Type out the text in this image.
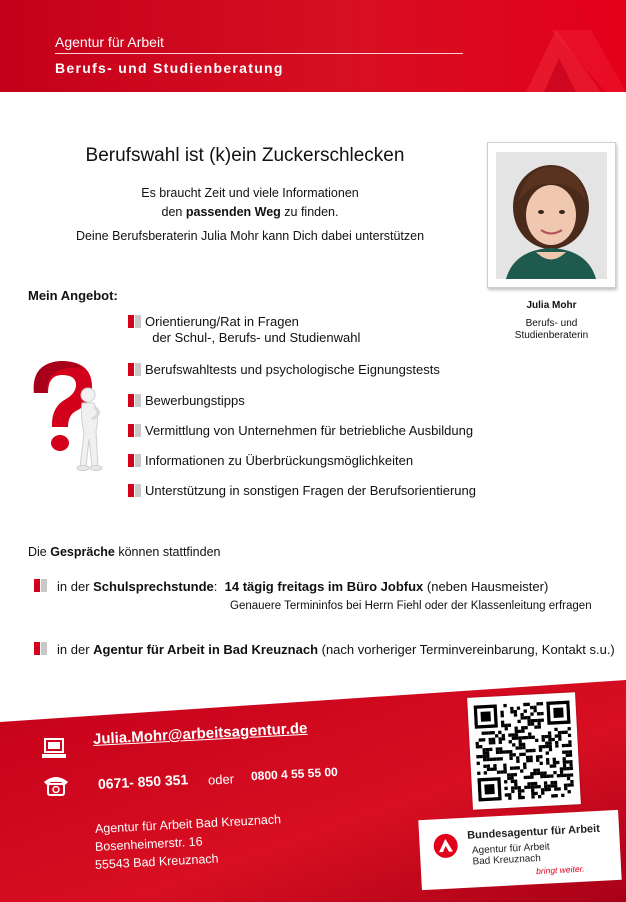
Agentur für Arbeit
Berufs- und Studienberatung
Berufswahl ist (k)ein Zuckerschlecken
Es braucht Zeit und viele Informationen
den passenden Weg zu finden.
Deine Berufsberaterin Julia Mohr kann Dich dabei unterstützen
Julia Mohr
Berufs- und
Studienberaterin
Mein Angebot:
Orientierung/Rat in Fragen
der Schul-, Berufs- und Studienwahl
Berufswahltests und psychologische Eignungstests
Bewerbungstipps
Vermittlung von Unternehmen für betriebliche Ausbildung
Informationen zu Überbrückungsmöglichkeiten
Unterstützung in sonstigen Fragen der Berufsorientierung
Die Gespräche können stattfinden
in der Schulsprechstunde:  14 tägig freitags im Büro Jobfux (neben Hausmeister)
Genauere Termininfos bei Herrn Fiehl oder der Klassenleitung erfragen
in der Agentur für Arbeit in Bad Kreuznach (nach vorheriger Terminvereinbarung, Kontakt s.u.)
Julia.Mohr@arbeitsagentur.de
0671- 850 351 oder 0800 4 55 55 00
Agentur für Arbeit Bad Kreuznach
Bosenheimerstr. 16
55543 Bad Kreuznach
Bundesagentur für Arbeit
Agentur für Arbeit
Bad Kreuznach
bringt weiter.
